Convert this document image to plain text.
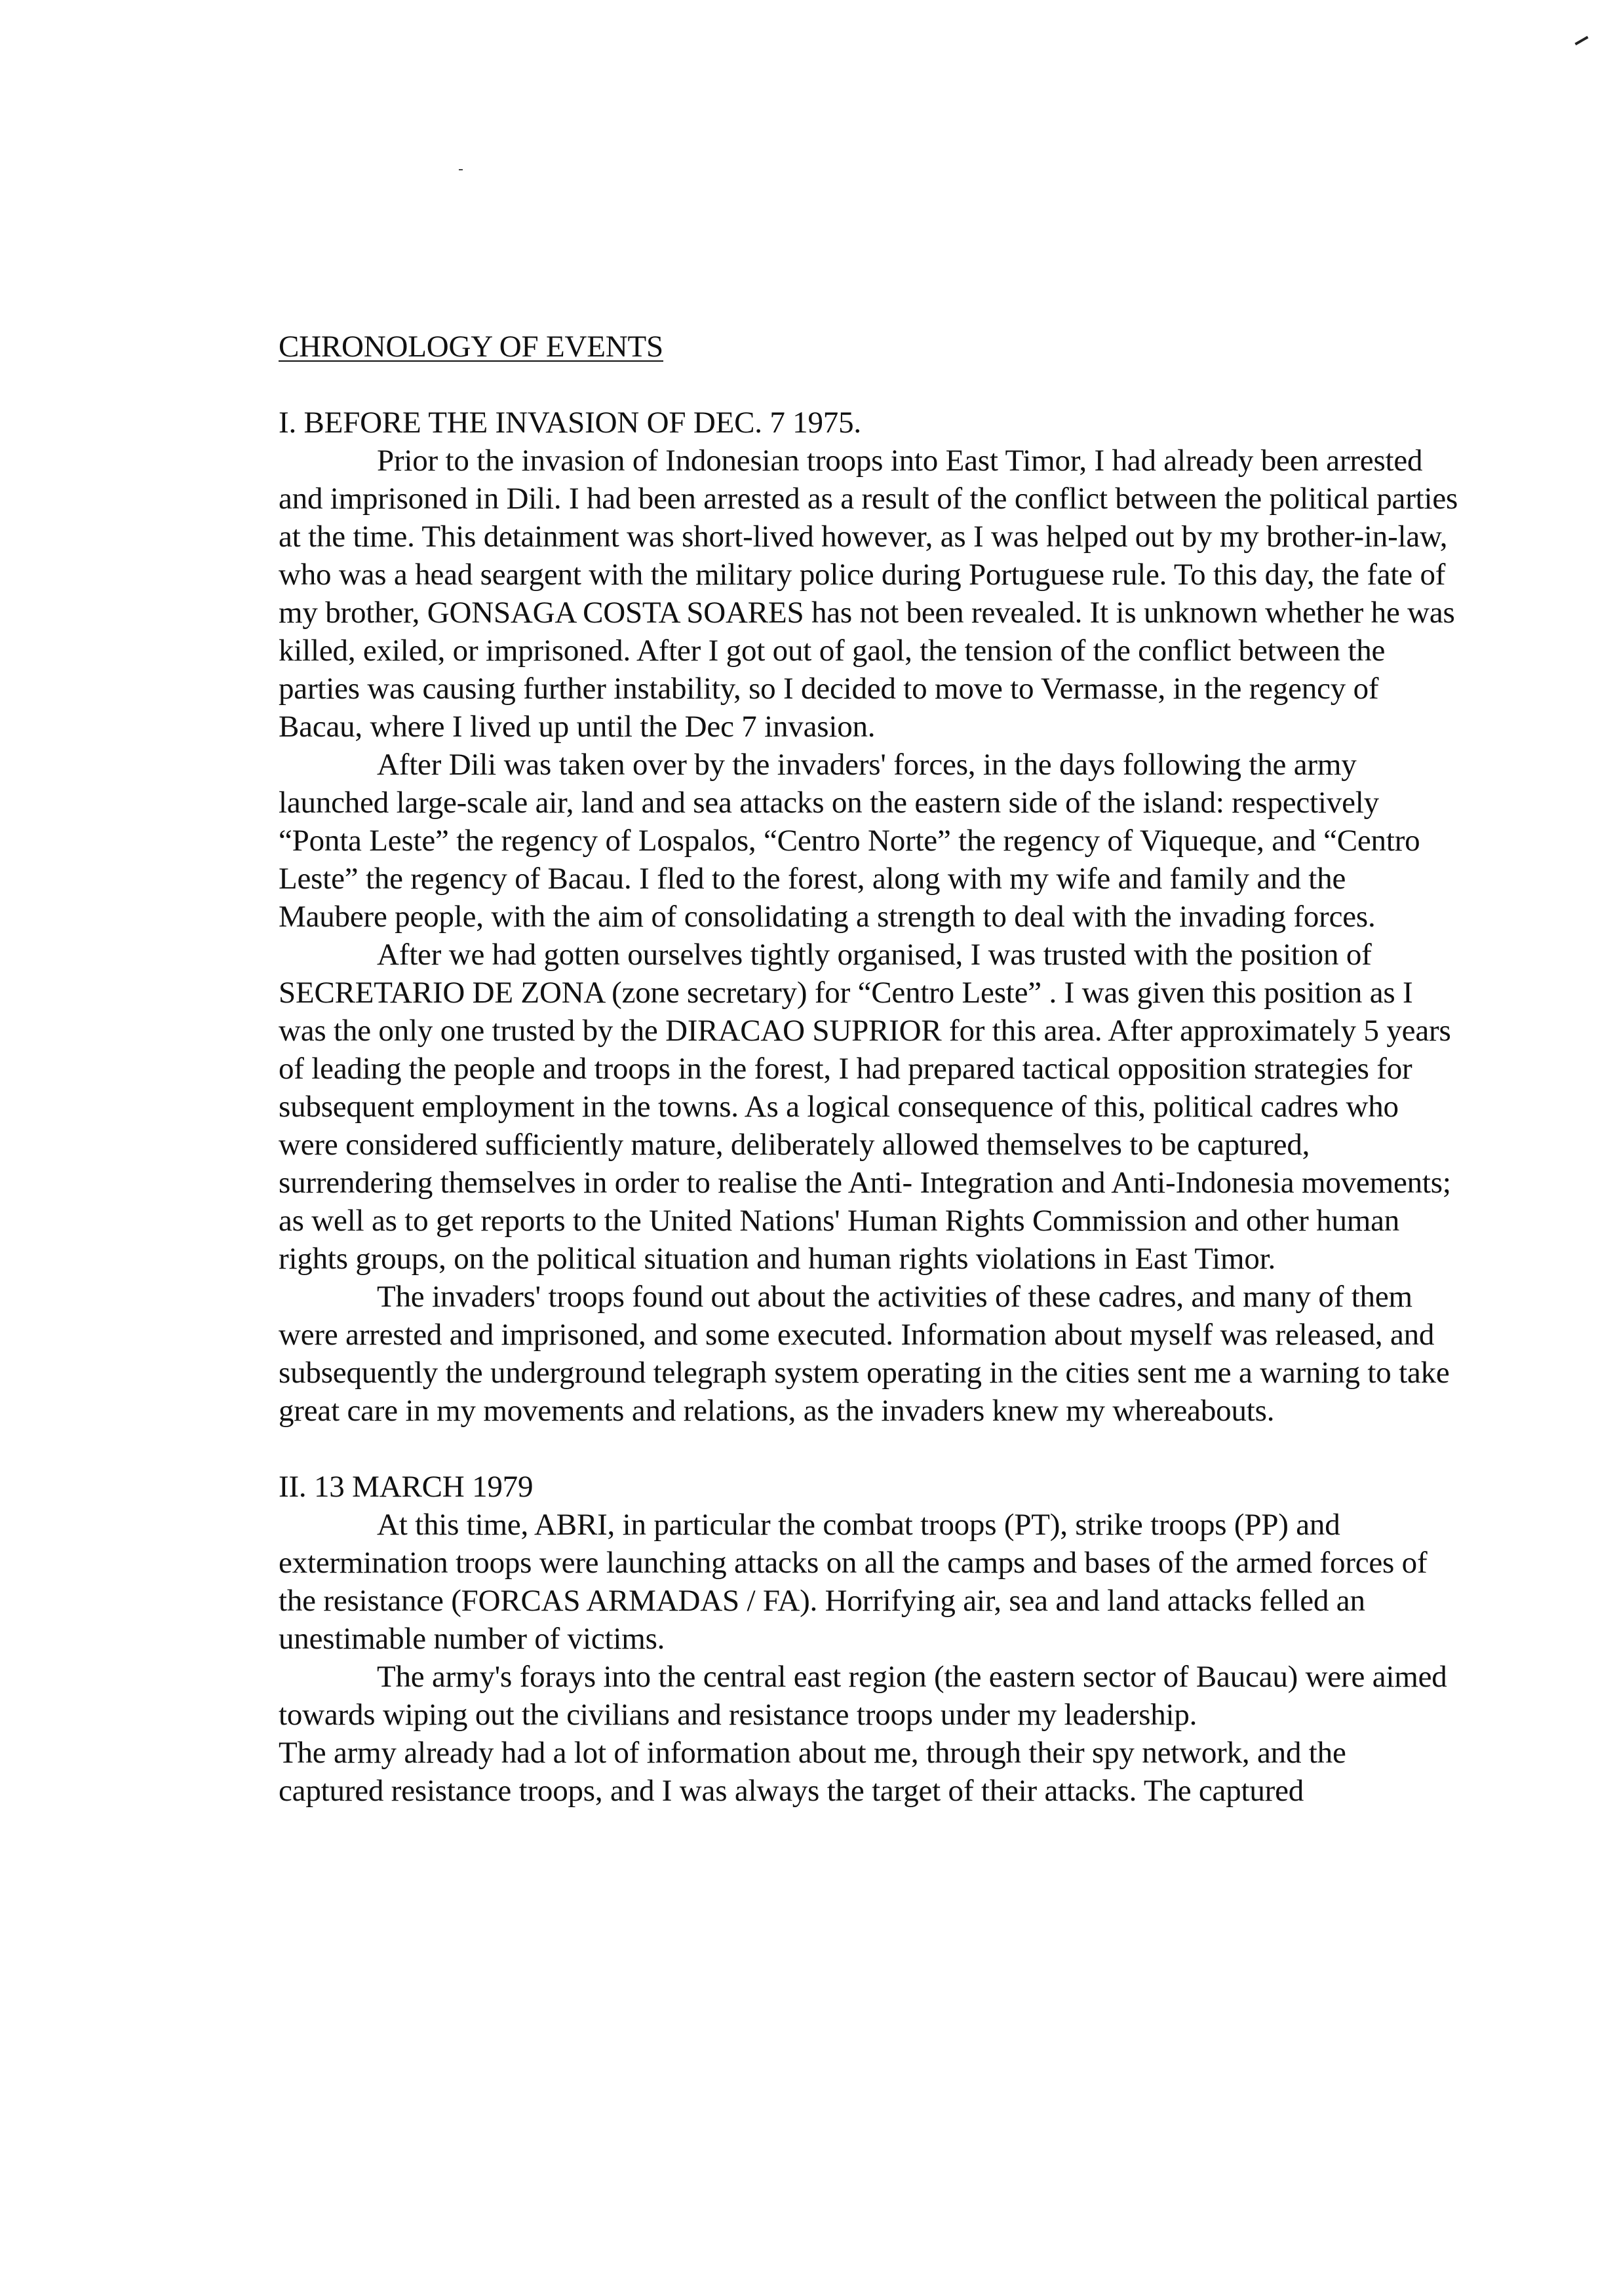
CHRONOLOGY OF EVENTS
I. BEFORE THE INVASION OF DEC. 7 1975.

Prior to the invasion of Indonesian troops into East Timor, I had already been arrested and imprisoned in Dili. I had been arrested as a result of the conflict between the political parties at the time. This detainment was short-lived however, as I was helped out by my brother-in-law, who was a head seargent with the military police during Portuguese rule. To this day, the fate of my brother, GONSAGA COSTA SOARES has not been revealed. It is unknown whether he was killed, exiled, or imprisoned. After I got out of gaol, the tension of the conflict between the parties was causing further instability, so I decided to move to Vermasse, in the regency of Bacau, where I lived up until the Dec 7 invasion.

After Dili was taken over by the invaders' forces, in the days following the army launched large-scale air, land and sea attacks on the eastern side of the island: respectively “Ponta Leste” the regency of Lospalos, “Centro Norte” the regency of Viqueque, and “Centro Leste” the regency of Bacau. I fled to the forest, along with my wife and family and the Maubere people, with the aim of consolidating a strength to deal with the invading forces.

After we had gotten ourselves tightly organised, I was trusted with the position of SECRETARIO DE ZONA (zone secretary) for “Centro Leste” . I was given this position as I was the only one trusted by the DIRACAO SUPRIOR for this area. After approximately 5 years of leading the people and troops in the forest, I had prepared tactical opposition strategies for subsequent employment in the towns. As a logical consequence of this, political cadres who were considered sufficiently mature, deliberately allowed themselves to be captured, surrendering themselves in order to realise the Anti- Integration and Anti-Indonesia movements; as well as to get reports to the United Nations' Human Rights Commission and other human rights groups, on the political situation and human rights violations in East Timor.

The invaders' troops found out about the activities of these cadres, and many of them were arrested and imprisoned, and some executed. Information about myself was released, and subsequently the underground telegraph system operating in the cities sent me a warning to take great care in my movements and relations, as the invaders knew my whereabouts.

II. 13 MARCH 1979

At this time, ABRI, in particular the combat troops (PT), strike troops (PP) and extermination troops were launching attacks on all the camps and bases of the armed forces of the resistance (FORCAS ARMADAS / FA). Horrifying air, sea and land attacks felled an unestimable number of victims.

The army's forays into the central east region (the eastern sector of Baucau) were aimed towards wiping out the civilians and resistance troops under my leadership.

The army already had a lot of information about me, through their spy network, and the captured resistance troops, and I was always the target of their attacks. The captured
